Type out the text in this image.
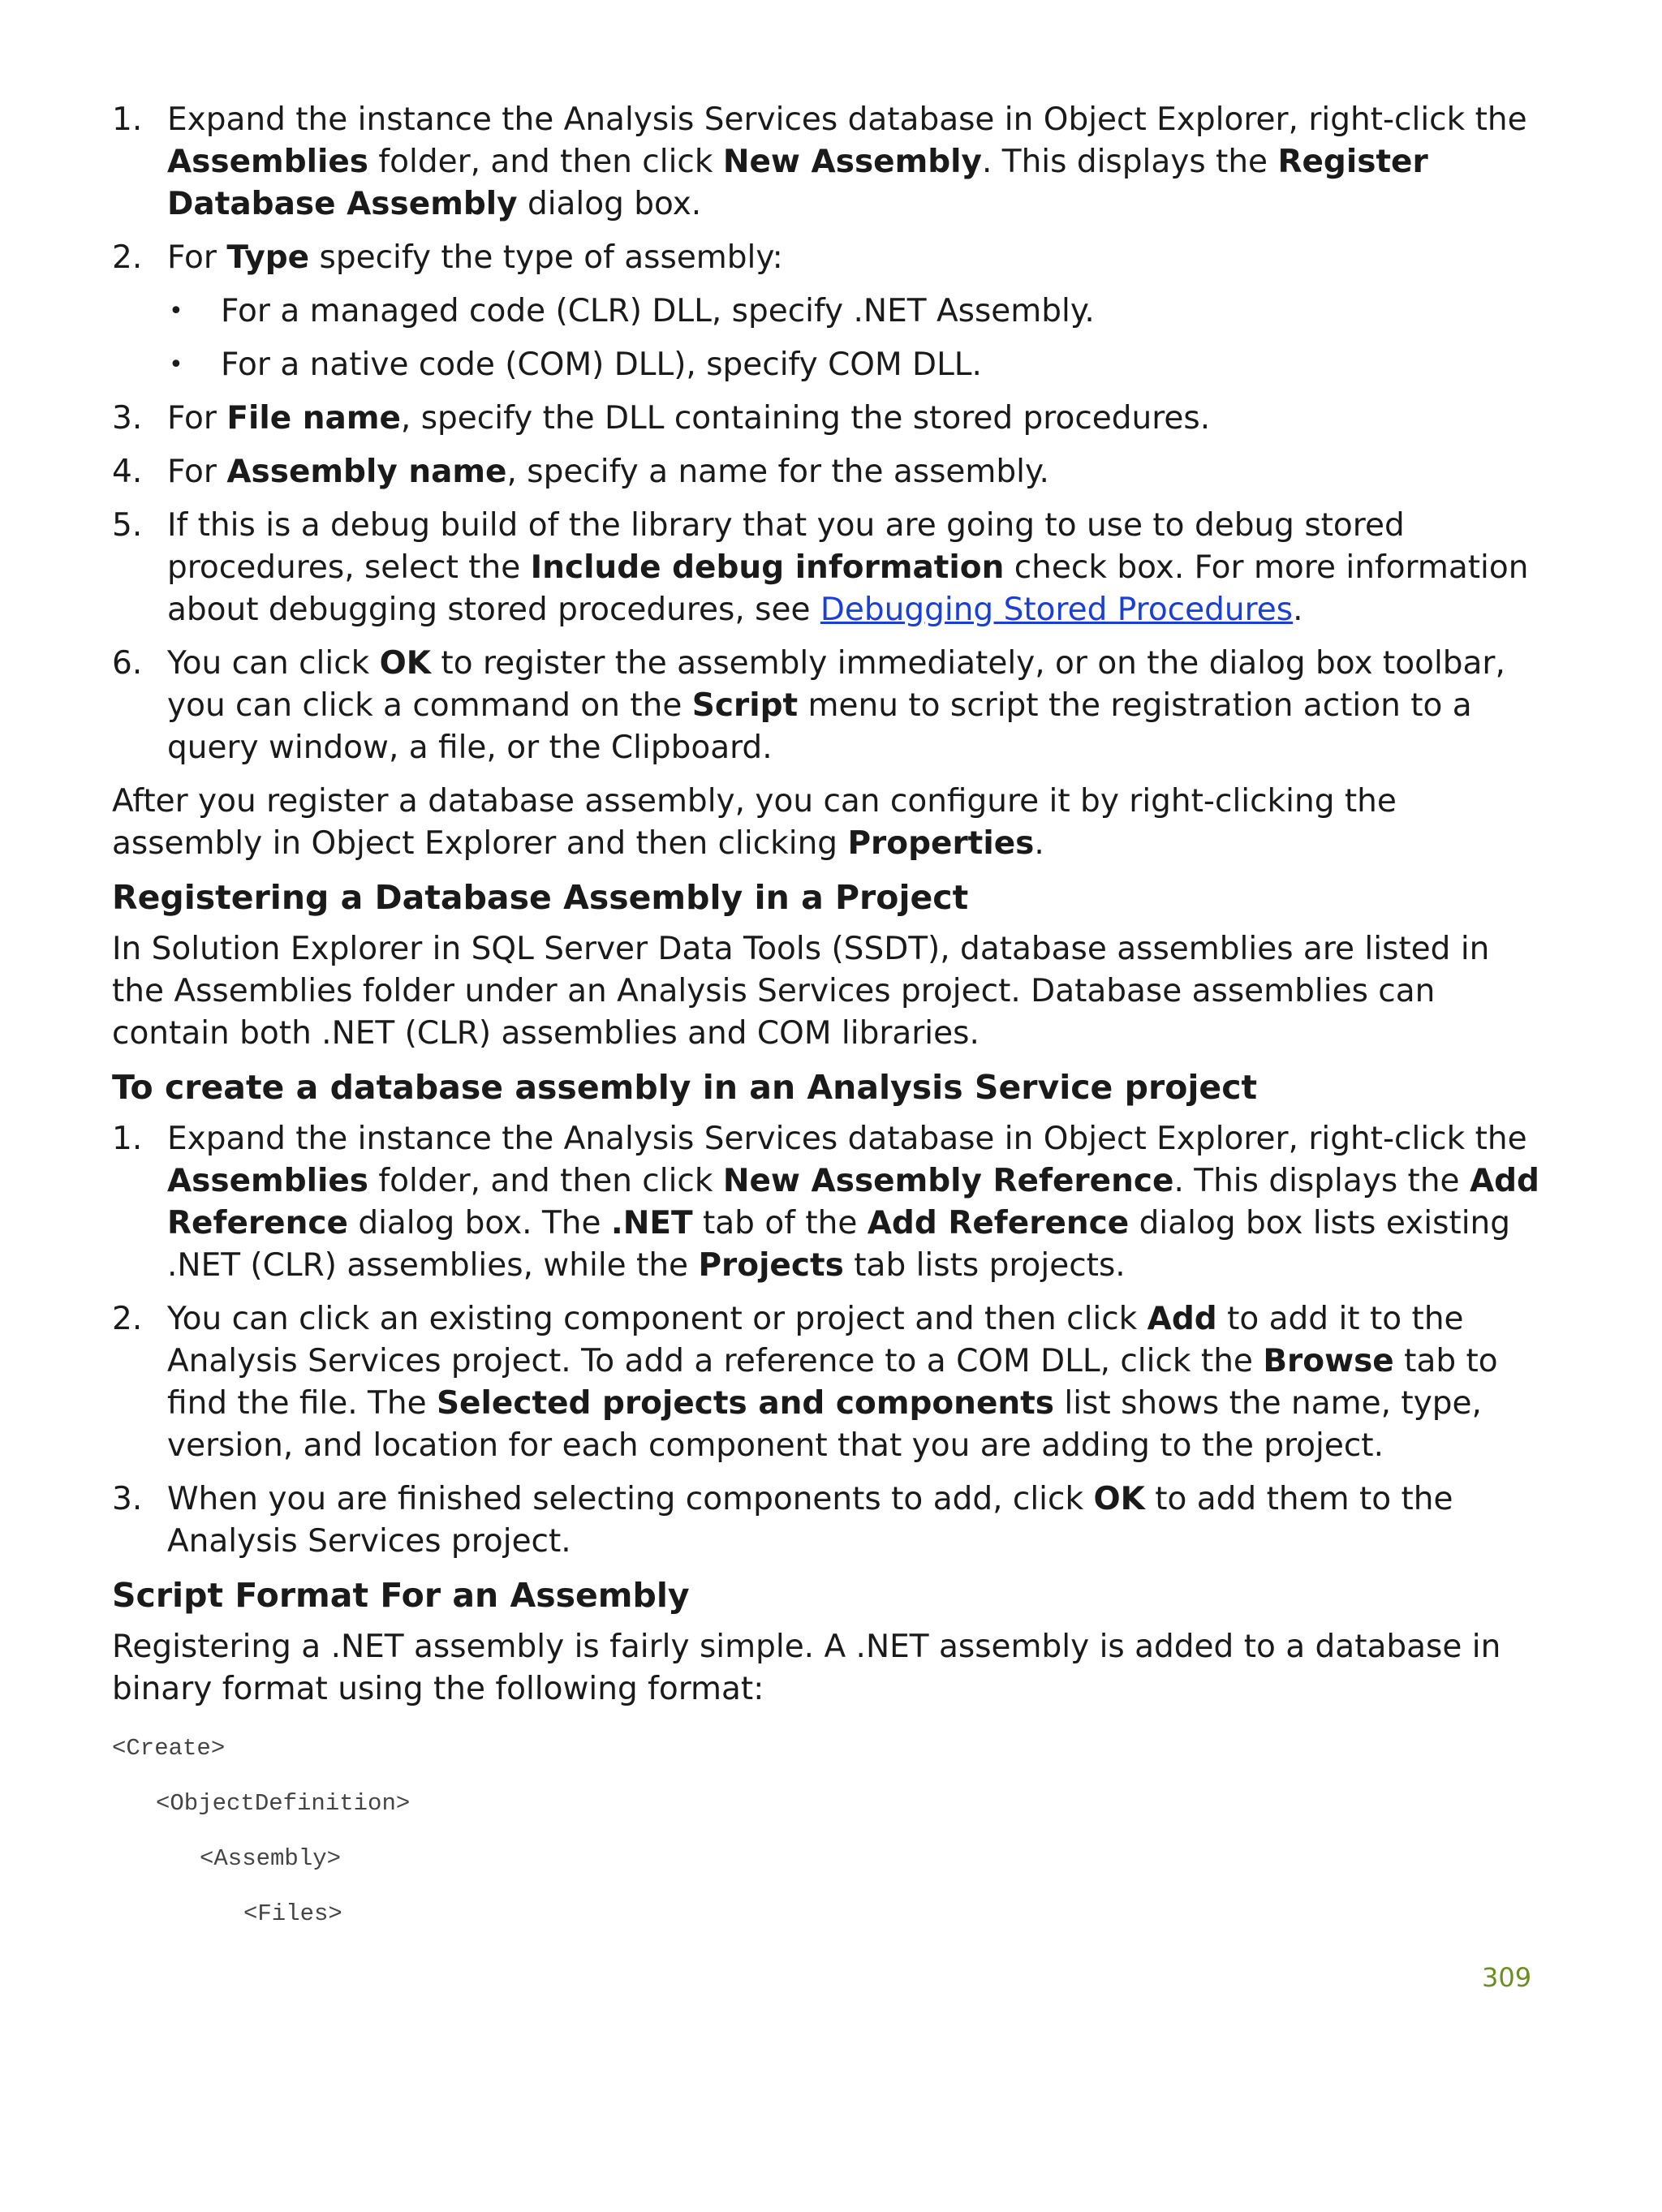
1. Expand the instance the Analysis Services database in Object Explorer, right-click the Assemblies folder, and then click New Assembly. This displays the Register Database Assembly dialog box.
2. For Type specify the type of assembly:
• For a managed code (CLR) DLL, specify .NET Assembly.
• For a native code (COM) DLL), specify COM DLL.
3. For File name, specify the DLL containing the stored procedures.
4. For Assembly name, specify a name for the assembly.
5. If this is a debug build of the library that you are going to use to debug stored procedures, select the Include debug information check box. For more information about debugging stored procedures, see Debugging Stored Procedures.
6. You can click OK to register the assembly immediately, or on the dialog box toolbar, you can click a command on the Script menu to script the registration action to a query window, a file, or the Clipboard.

After you register a database assembly, you can configure it by right-clicking the assembly in Object Explorer and then clicking Properties.

Registering a Database Assembly in a Project

In Solution Explorer in SQL Server Data Tools (SSDT), database assemblies are listed in the Assemblies folder under an Analysis Services project. Database assemblies can contain both .NET (CLR) assemblies and COM libraries.

To create a database assembly in an Analysis Service project
1. Expand the instance the Analysis Services database in Object Explorer, right-click the Assemblies folder, and then click New Assembly Reference. This displays the Add Reference dialog box. The .NET tab of the Add Reference dialog box lists existing .NET (CLR) assemblies, while the Projects tab lists projects.
2. You can click an existing component or project and then click Add to add it to the Analysis Services project. To add a reference to a COM DLL, click the Browse tab to find the file. The Selected projects and components list shows the name, type, version, and location for each component that you are adding to the project.
3. When you are finished selecting components to add, click OK to add them to the Analysis Services project.
Script Format For an Assembly

Registering a .NET assembly is fairly simple. A .NET assembly is added to a database in binary format using the following format:

<Create>
<ObjectDefinition>
<Assembly>
<Files>
309
